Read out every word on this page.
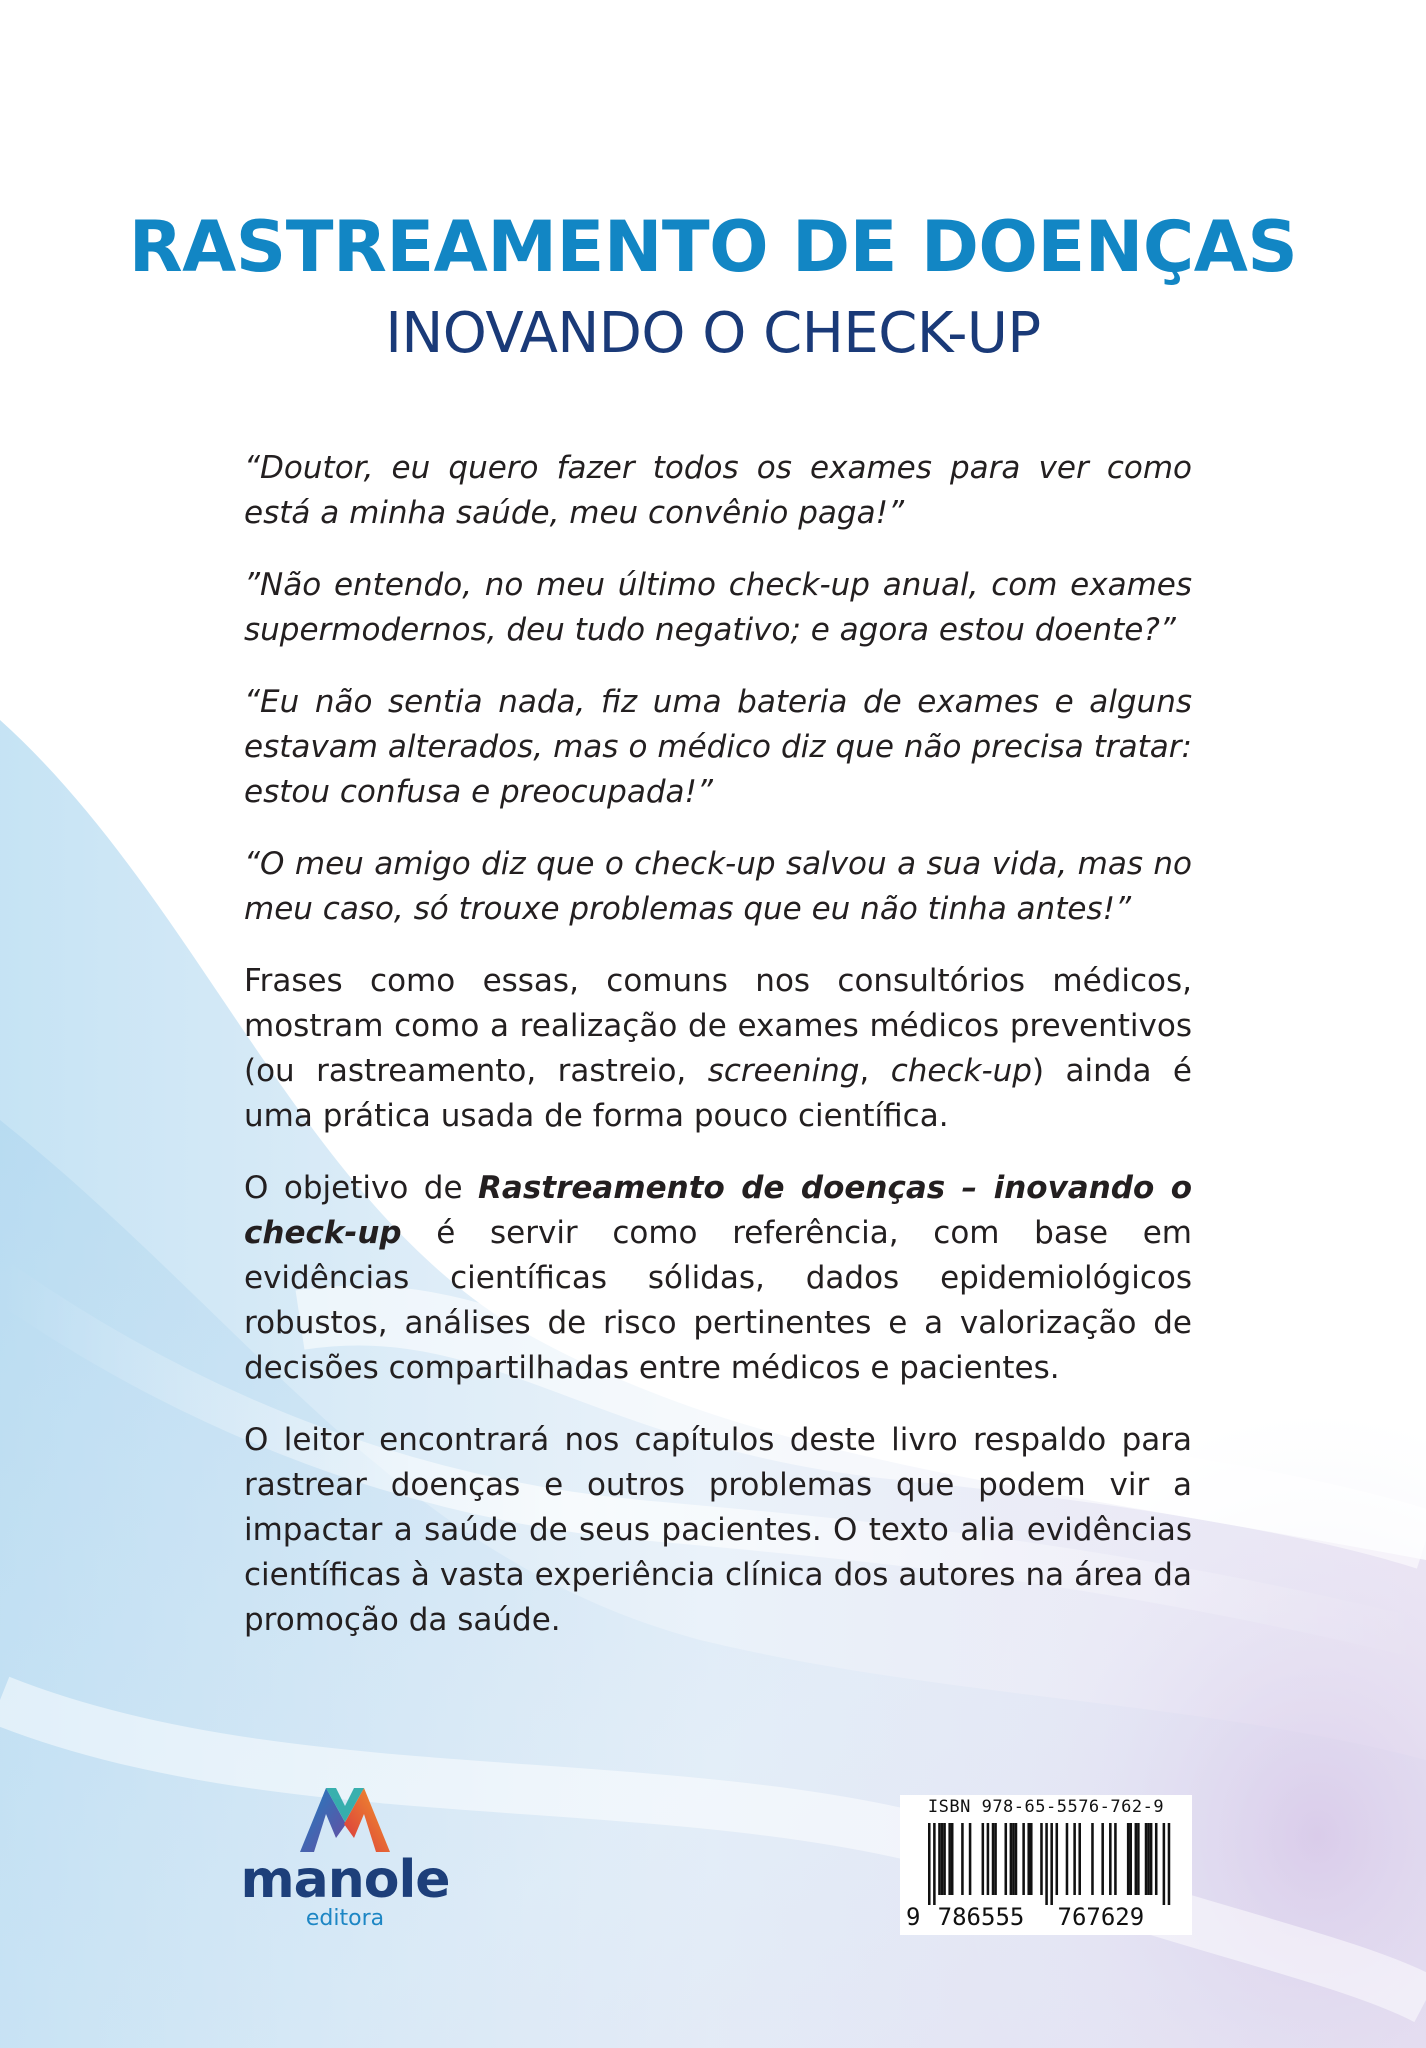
RASTREAMENTO DE DOENÇAS
INOVANDO O CHECK-UP

“Doutor, eu quero fazer todos os exames para ver como está a minha saúde, meu convênio paga!”

”Não entendo, no meu último check-up anual, com exames supermodernos, deu tudo negativo; e agora estou doente?”

“Eu não sentia nada, fiz uma bateria de exames e alguns estavam alterados, mas o médico diz que não precisa tratar: estou confusa e preocupada!”

“O meu amigo diz que o check-up salvou a sua vida, mas no meu caso, só trouxe problemas que eu não tinha antes!”

Frases como essas, comuns nos consultórios médicos, mostram como a realização de exames médicos preventivos (ou rastreamento, rastreio, screening, check-up) ainda é uma prática usada de forma pouco científica.

O objetivo de Rastreamento de doenças – inovando o check-up é servir como referência, com base em evidências científicas sólidas, dados epidemiológicos robustos, análises de risco pertinentes e a valorização de decisões compartilhadas entre médicos e pacientes.

O leitor encontrará nos capítulos deste livro respaldo para rastrear doenças e outros problemas que podem vir a impactar a saúde de seus pacientes. O texto alia evidências científicas à vasta experiência clínica dos autores na área da promoção da saúde.

manole
editora
ISBN 978-65-5576-762-9
9 786555 767629
